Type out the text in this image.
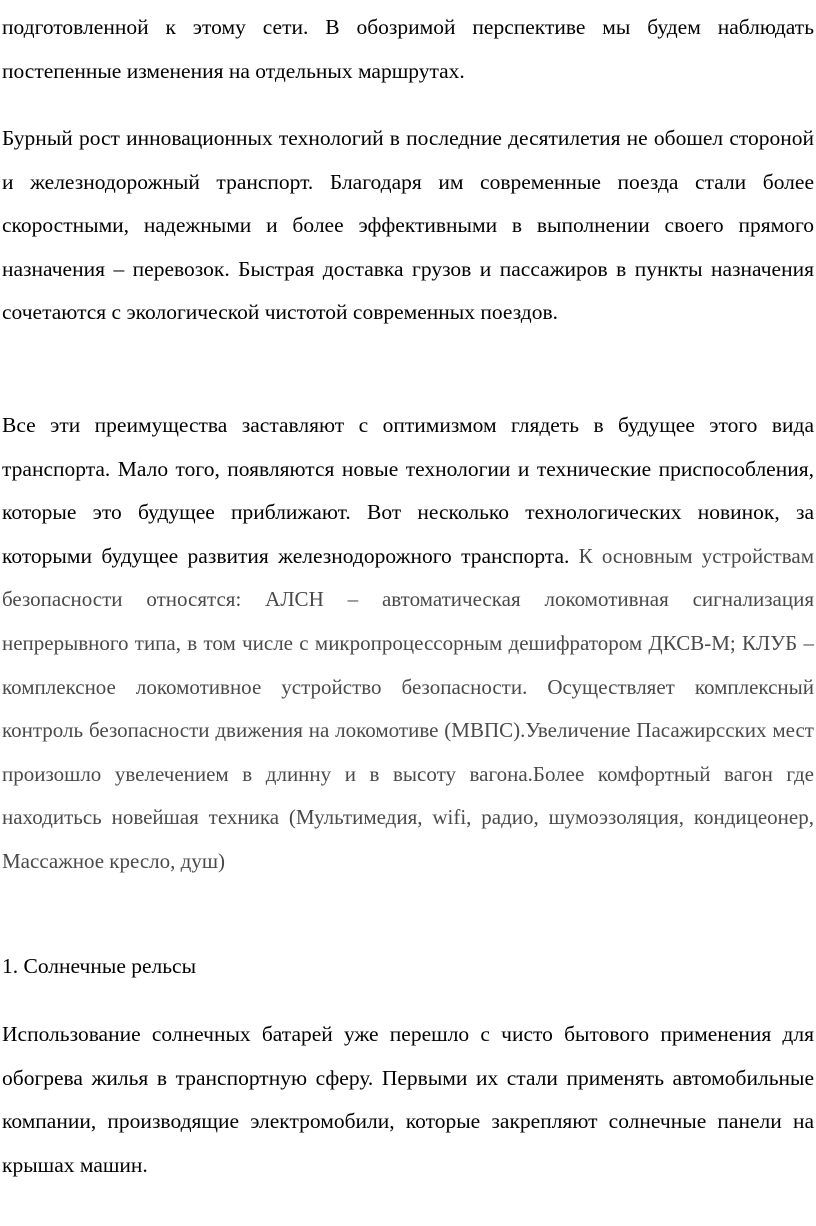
подготовленной к этому сети. В обозримой перспективе мы будем наблюдать постепенные изменения на отдельных маршрутах.

Бурный рост инновационных технологий в последние десятилетия не обошел стороной и железнодорожный транспорт. Благодаря им современные поезда стали более скоростными, надежными и более эффективными в выполнении своего прямого назначения – перевозок. Быстрая доставка грузов и пассажиров в пункты назначения сочетаются с экологической чистотой современных поездов.

Все эти преимущества заставляют с оптимизмом глядеть в будущее этого вида транспорта. Мало того, появляются новые технологии и технические приспособления, которые это будущее приближают. Вот несколько технологических новинок, за которыми будущее развития железнодорожного транспорта. К основным устройствам безопасности относятся: АЛСН – автоматическая локомотивная сигнализация непрерывного типа, в том числе с микропроцессорным дешифратором ДКСВ-М; КЛУБ – комплексное локомотивное устройство безопасности. Осуществляет комплексный контроль безопасности движения на локомотиве (МВПС).Увеличение Пасажирсских мест произошло увелечением в длинну и в высоту вагона.Более комфортный вагон где находитьсь новейшая техника (Мультимедия, wifi, радио, шумоэзоляция, кондицеонер, Массажное кресло, душ)

1. Солнечные рельсы

Использование солнечных батарей уже перешло с чисто бытового применения для обогрева жилья в транспортную сферу. Первыми их стали применять автомобильные компании, производящие электромобили, которые закрепляют солнечные панели на крышах машин.
